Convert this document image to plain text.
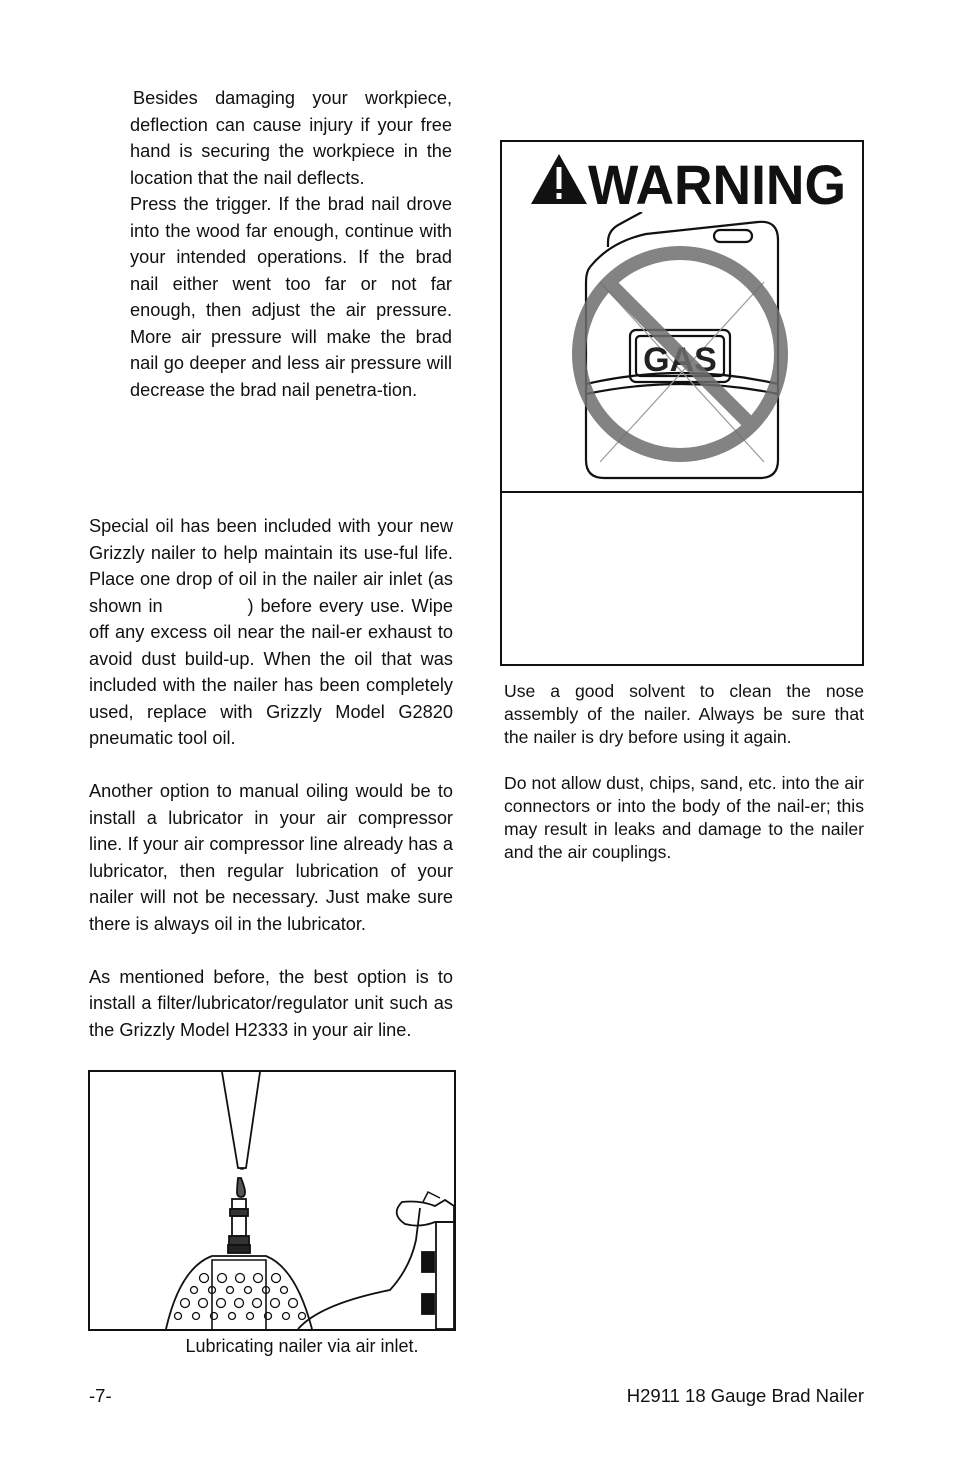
Besides damaging your workpiece, deflection can cause injury if your free hand is securing the workpiece in the location that the nail deflects.

Press the trigger. If the brad nail drove into the wood far enough, continue with your intended operations. If the brad nail either went too far or not far enough, then adjust the air pressure. More air pressure will make the brad nail go deeper and less air pressure will decrease the brad nail penetra-tion.

Special oil has been included with your new Grizzly nailer to help maintain its use-ful life. Place one drop of oil in the nailer air inlet (as shown in	) before every use. Wipe off any excess oil near the nail-er exhaust to avoid dust build-up. When the oil that was included with the nailer has been completely used, replace with Grizzly Model G2820 pneumatic tool oil.

Another option to manual oiling would be to install a lubricator in your air compressor line. If your air compressor line already has a lubricator, then regular lubrication of your nailer will not be necessary. Just make sure there is always oil in the lubricator.

As mentioned before, the best option is to install a filter/lubricator/regulator unit such as the Grizzly Model H2333 in your air line.

WARNING
GAS

Use a good solvent to clean the nose assembly of the nailer. Always be sure that the nailer is dry before using it again.

Do not allow dust, chips, sand, etc. into the air connectors or into the body of the nail-er; this may result in leaks and damage to the nailer and the air couplings.

Lubricating nailer via air inlet.
-7-	H2911 18 Gauge Brad Nailer
